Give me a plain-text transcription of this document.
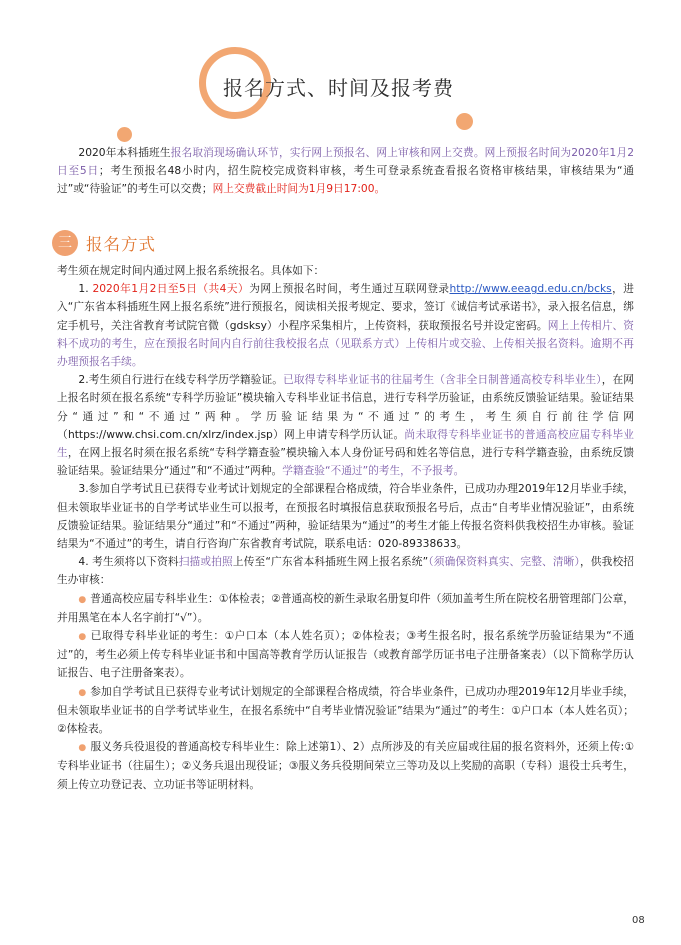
报名方式、时间及报考费

2020年本科插班生报名取消现场确认环节，实行网上预报名、网上审核和网上交费。网上预报名时间为2020年1月2日至5日；考生预报名48小时内，招生院校完成资料审核，考生可登录系统查看报名资格审核结果，审核结果为“通过”或“待验证”的考生可以交费；网上交费截止时间为1月9日17:00。

三 报名方式

考生须在规定时间内通过网上报名系统报名。具体如下：

1. 2020年1月2日至5日（共4天）为网上预报名时间，考生通过互联网登录http://www.eeagd.edu.cn/bcks，进入“广东省本科插班生网上报名系统”进行预报名，阅读相关报考规定、要求，签订《诚信考试承诺书》，录入报名信息，绑定手机号，关注省教育考试院官微（gdsksy）小程序采集相片，上传资料，获取预报名号并设定密码。网上上传相片、资料不成功的考生，应在预报名时间内自行前往我校报名点（见联系方式）上传相片或交验、上传相关报名资料。逾期不再办理预报名手续。

2.考生须自行进行在线专科学历学籍验证。已取得专科毕业证书的往届考生（含非全日制普通高校专科毕业生），在网上报名时须在报名系统“专科学历验证”模块输入专科毕业证书信息，进行专科学历验证，由系统反馈验证结果。验证结果分“通过”和“不通过”两种。学历验证结果为“不通过”的考生，考生须自行前往学信网（https://www.chsi.com.cn/xlrz/index.jsp）网上申请专科学历认证。尚未取得专科毕业证书的普通高校应届专科毕业生，在网上报名时须在报名系统“专科学籍查验”模块输入本人身份证号码和姓名等信息，进行专科学籍查验，由系统反馈验证结果。验证结果分“通过”和“不通过”两种。学籍查验“不通过”的考生，不予报考。

3.参加自学考试且已获得专业考试计划规定的全部课程合格成绩，符合毕业条件，已成功办理2019年12月毕业手续，但未领取毕业证书的自学考试毕业生可以报考，在预报名时填报信息获取预报名号后，点击“自考毕业情况验证”，由系统反馈验证结果。验证结果分“通过”和“不通过”两种，验证结果为“通过”的考生才能上传报名资料供我校招生办审核。验证结果为“不通过”的考生，请自行咨询广东省教育考试院，联系电话：020-89338633。

4. 考生须将以下资料扫描或拍照上传至“广东省本科插班生网上报名系统”（须确保资料真实、完整、清晰），供我校招生办审核：

● 普通高校应届专科毕业生：①体检表；②普通高校的新生录取名册复印件（须加盖考生所在院校名册管理部门公章，并用黑笔在本人名字前打“√”）。

● 已取得专科毕业证的考生：①户口本（本人姓名页）；②体检表；③考生报名时，报名系统学历验证结果为“不通过”的，考生必须上传专科毕业证书和中国高等教育学历认证报告（或教育部学历证书电子注册备案表）（以下简称学历认证报告、电子注册备案表）。

● 参加自学考试且已获得专业考试计划规定的全部课程合格成绩，符合毕业条件，已成功办理2019年12月毕业手续，但未领取毕业证书的自学考试毕业生，在报名系统中“自考毕业情况验证”结果为“通过”的考生：①户口本（本人姓名页）；②体检表。

● 服义务兵役退役的普通高校专科毕业生：除上述第1）、2）点所涉及的有关应届或往届的报名资料外，还须上传:①专科毕业证书（往届生）；②义务兵退出现役证；③服义务兵役期间荣立三等功及以上奖励的高职（专科）退役士兵考生，须上传立功登记表、立功证书等证明材料。

08
